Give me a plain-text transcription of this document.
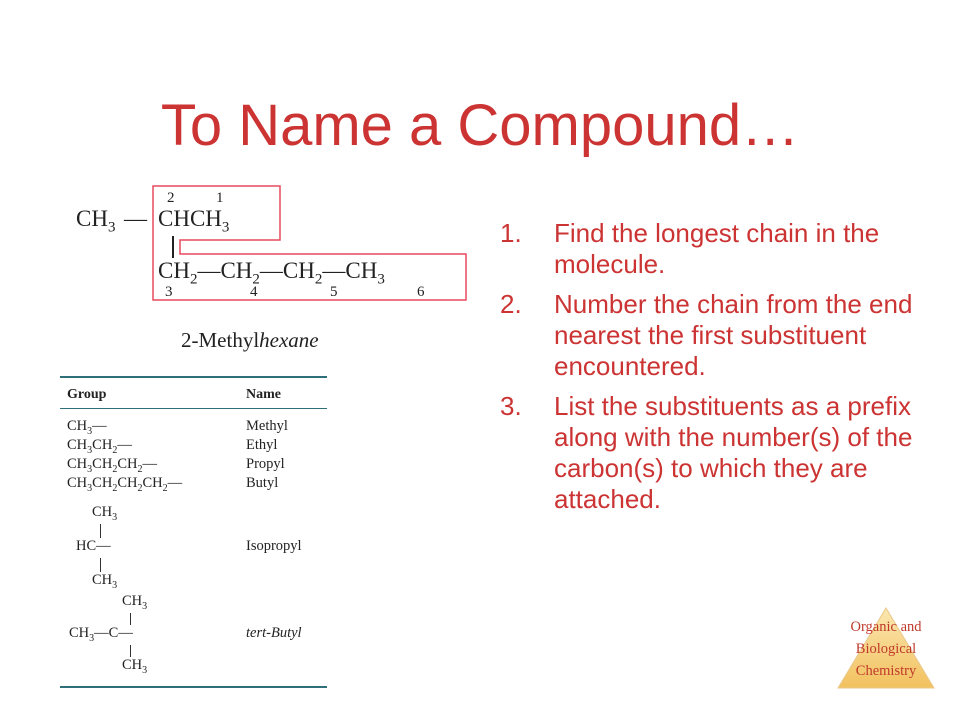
To Name a Compound…
2	1
$CH_3$ — $CHCH_3$
$CH_2—CH_2—CH_2—CH_3$
3	4	5	6
2-Methylhexane
1. Find the longest chain in the molecule.
2. Number the chain from the end nearest the first substituent encountered.
3. List the substituents as a prefix along with the number(s) of the carbon(s) to which they are attached.
Group	Name
$CH_3—$	Methyl
$CH_3CH_2—$	Ethyl
$CH_3CH_2CH_2—$	Propyl
$CH_3CH_2CH_2CH_2—$	Butyl
$CH_3$
HC—
$CH_3$
Isopropyl
$CH_3$
$CH_3—C—$
$CH_3$
tert-Butyl	Organic and
Biological
Chemistry
